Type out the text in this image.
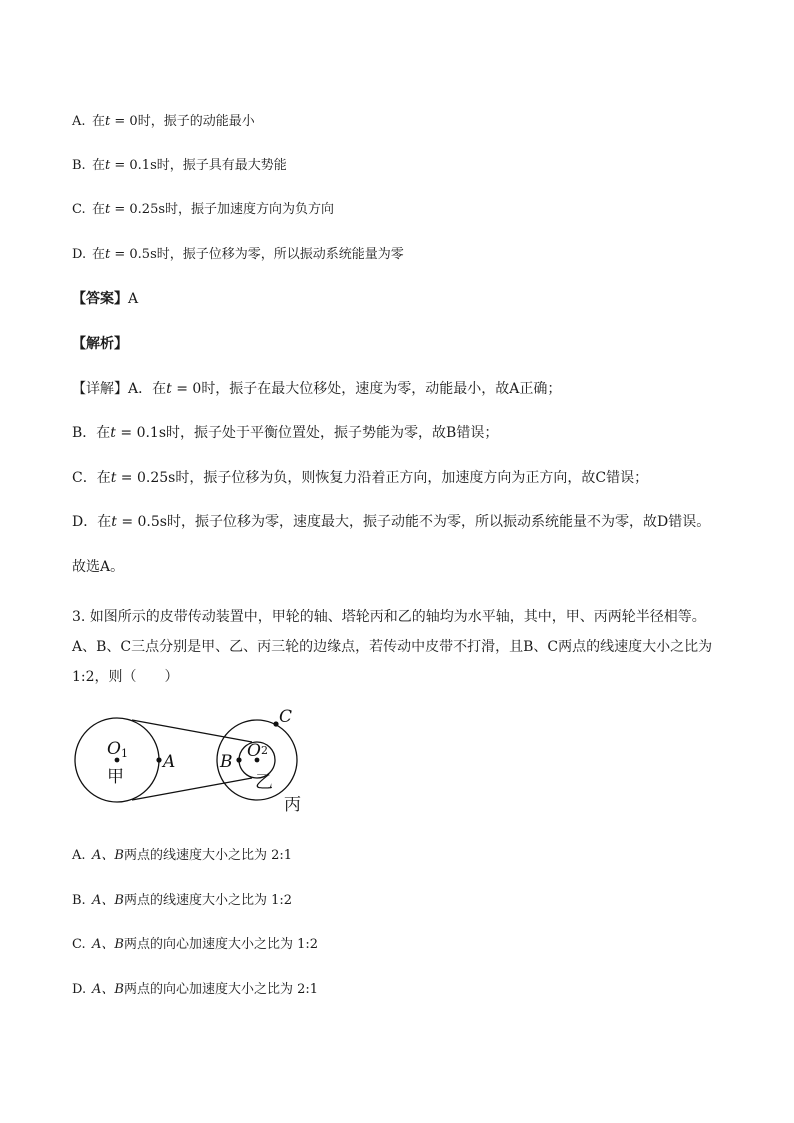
A. 在t = 0时，振子的动能最小
B. 在t = 0.1s时，振子具有最大势能
C. 在t = 0.25s时，振子加速度方向为负方向
D. 在t = 0.5s时，振子位移为零，所以振动系统能量为零
【答案】A
【解析】
【详解】A．在t = 0时，振子在最大位移处，速度为零，动能最小，故A正确；
B．在t = 0.1s时，振子处于平衡位置处，振子势能为零，故B错误；
C．在t = 0.25s时，振子位移为负，则恢复力沿着正方向，加速度方向为正方向，故C错误；
D．在t = 0.5s时，振子位移为零，速度最大，振子动能不为零，所以振动系统能量不为零，故D错误。
故选A。
3. 如图所示的皮带传动装置中，甲轮的轴、塔轮丙和乙的轴均为水平轴，其中，甲、丙两轮半径相等。A、B、C三点分别是甲、乙、丙三轮的边缘点，若传动中皮带不打滑，且B、C两点的线速度大小之比为 1:2，则（　　）
O1
甲
A	B
O2
乙
C
丙
A. A、B两点的线速度大小之比为 2:1
B. A、B两点的线速度大小之比为 1:2
C. A、B两点的向心加速度大小之比为 1:2
D. A、B两点的向心加速度大小之比为 2:1
